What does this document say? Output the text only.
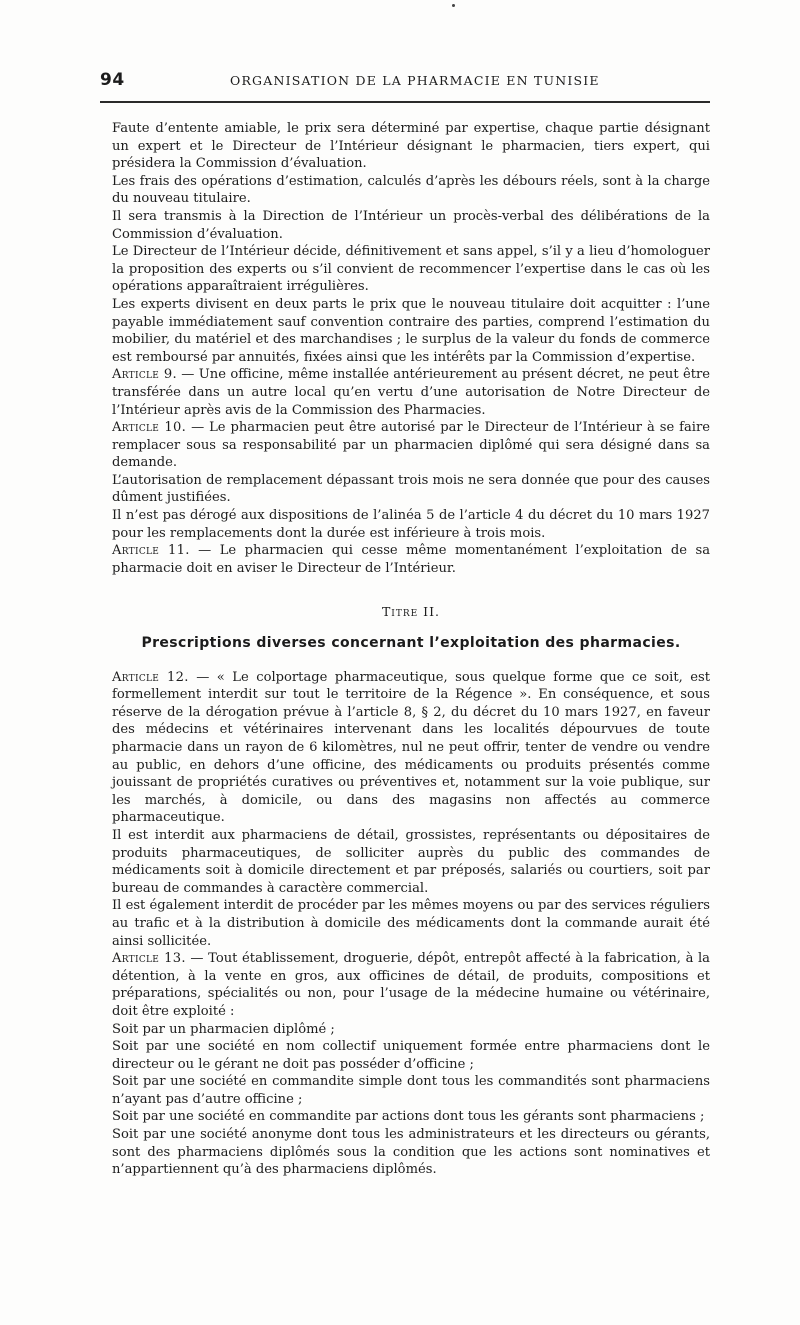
94	ORGANISATION DE LA PHARMACIE EN TUNISIE

Faute d’entente amiable, le prix sera déterminé par expertise, chaque partie désignant un expert et le Directeur de l’Intérieur désignant le pharmacien, tiers expert, qui présidera la Commission d’évaluation.

Les frais des opérations d’estimation, calculés d’après les débours réels, sont à la charge du nouveau titulaire.

Il sera transmis à la Direction de l’Intérieur un procès-verbal des délibérations de la Commission d’évaluation.

Le Directeur de l’Intérieur décide, définitivement et sans appel, s’il y a lieu d’homologuer la proposition des experts ou s’il convient de recommencer l’expertise dans le cas où les opérations apparaîtraient irrégulières.

Les experts divisent en deux parts le prix que le nouveau titulaire doit acquitter : l’une payable immédiatement sauf convention contraire des parties, comprend l’estimation du mobilier, du matériel et des marchandises ; le surplus de la valeur du fonds de commerce est remboursé par annuités, fixées ainsi que les intérêts par la Commission d’expertise.

Article 9. — Une officine, même installée antérieurement au présent décret, ne peut être transférée dans un autre local qu’en vertu d’une autorisation de Notre Directeur de l’Intérieur après avis de la Commission des Pharmacies.

Article 10. — Le pharmacien peut être autorisé par le Directeur de l’Intérieur à se faire remplacer sous sa responsabilité par un pharmacien diplômé qui sera désigné dans sa demande.

L’autorisation de remplacement dépassant trois mois ne sera donnée que pour des causes dûment justifiées.

Il n’est pas dérogé aux dispositions de l’alinéa 5 de l’article 4 du décret du 10 mars 1927 pour les remplacements dont la durée est inférieure à trois mois.

Article 11. — Le pharmacien qui cesse même momentanément l’exploitation de sa pharmacie doit en aviser le Directeur de l’Intérieur.

Titre II.
Prescriptions diverses concernant l’exploitation des pharmacies.

Article 12. — « Le colportage pharmaceutique, sous quelque forme que ce soit, est formellement interdit sur tout le territoire de la Régence ». En conséquence, et sous réserve de la dérogation prévue à l’article 8, § 2, du décret du 10 mars 1927, en faveur des médecins et vétérinaires intervenant dans les localités dépourvues de toute pharmacie dans un rayon de 6 kilomètres, nul ne peut offrir, tenter de vendre ou vendre au public, en dehors d’une officine, des médicaments ou produits présentés comme jouissant de propriétés curatives ou préventives et, notamment sur la voie publique, sur les marchés, à domicile, ou dans des magasins non affectés au commerce pharmaceutique.

Il est interdit aux pharmaciens de détail, grossistes, représentants ou dépositaires de produits pharmaceutiques, de solliciter auprès du public des commandes de médicaments soit à domicile directement et par préposés, salariés ou courtiers, soit par bureau de commandes à caractère commercial.

Il est également interdit de procéder par les mêmes moyens ou par des services réguliers au trafic et à la distribution à domicile des médicaments dont la commande aurait été ainsi sollicitée.

Article 13. — Tout établissement, droguerie, dépôt, entrepôt affecté à la fabrication, à la détention, à la vente en gros, aux officines de détail, de produits, compositions et préparations, spécialités ou non, pour l’usage de la médecine humaine ou vétérinaire, doit être exploité :

Soit par un pharmacien diplômé ;

Soit par une société en nom collectif uniquement formée entre pharmaciens dont le directeur ou le gérant ne doit pas posséder d’officine ;

Soit par une société en commandite simple dont tous les commandités sont pharmaciens n’ayant pas d’autre officine ;

Soit par une société en commandite par actions dont tous les gérants sont pharmaciens ;

Soit par une société anonyme dont tous les administrateurs et les directeurs ou gérants, sont des pharmaciens diplômés sous la condition que les actions sont nominatives et n’appartiennent qu’à des pharmaciens diplômés.
